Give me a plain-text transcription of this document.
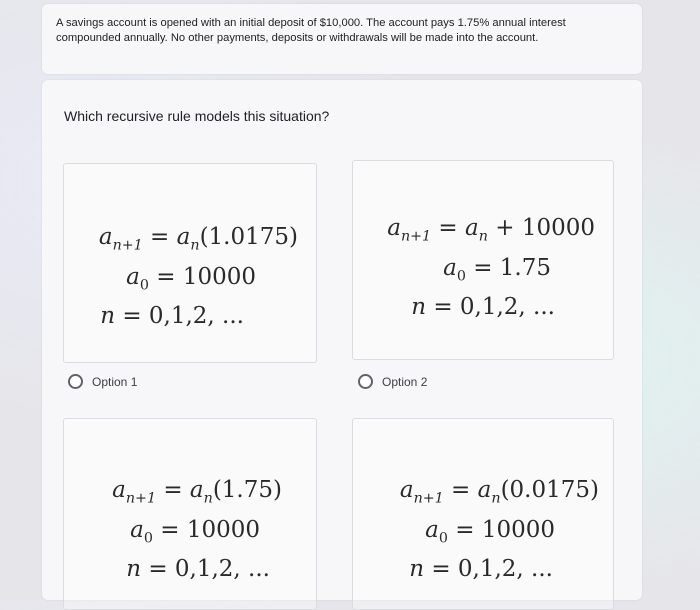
A savings account is opened with an initial deposit of $10,000. The account pays 1.75% annual interest
compounded annually. No other payments, deposits or withdrawals will be made into the account.
Which recursive rule models this situation?
$a_{n+1} = a_n(1.0175)$
$a_0 = 10000$
n = 0,1,2, ...
$a_{n+1} = a_n + 10000$
$a_0 = 1.75$
n = 0,1,2, ...
Option 1	Option 2
$a_{n+1} = a_n(1.75)$
$a_0 = 10000$
n = 0,1,2, ...
$a_{n+1} = a_n(0.0175)$
$a_0 = 10000$
n = 0,1,2, ...
